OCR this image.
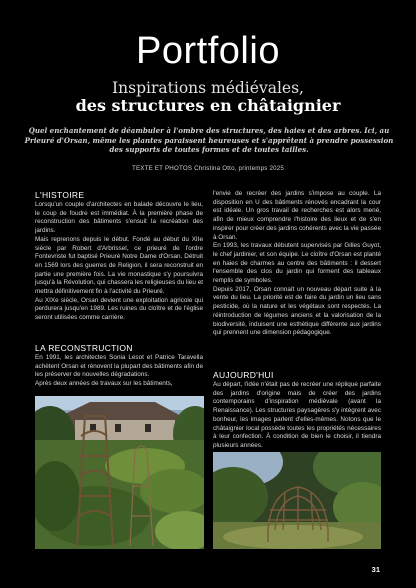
Portfolio
Inspirations médiévales,
des structures en châtaignier
Quel enchantement de déambuler à l'ombre des structures, des haies et des arbres. Ici, au Prieuré d'Orsan, même les plantes paraissent heureuses et s'apprêtent à prendre possession des supports de toutes formes et de toutes tailles.
TEXTE ET PHOTOS Christina Otto, printemps 2025
L'HISTOIRE

Lorsqu'un couple d'architectes en balade découvre le lieu, le coup de foudre est immédiat. À la première phase de reconstruction des bâtiments s'ensuit la recréation des jardins.

Mais reprenons depuis le début. Fondé au début du XIIe siècle par Robert d'Arbrissel, ce prieuré de l'ordre Fontevriste fut baptisé Prieuré Notre Dame d'Orsan. Détruit en 1569 lors des guerres de Religion, il sera reconstruit en partie une première fois. La vie monastique s'y poursuivra jusqu'à la Révolution, qui chassera les religieuses du lieu et mettra définitivement fin à l'activité du Prieuré.

Au XIXe siècle, Orsan devient une exploitation agricole qui perdurera jusqu'en 1989. Les ruines du cloître et de l'église seront utilisées comme carrière.

LA RECONSTRUCTION

En 1991, les architectes Sonia Lesot et Patrice Taravella achètent Orsan et rénovent la plupart des bâtiments afin de les préserver de nouvelles dégradations.

Après deux années de travaux sur les bâtiments,

l'envie de recréer des jardins s'impose au couple. La disposition en U des bâtiments rénovés encadrant la cour est idéale. Un gros travail de recherches est alors mené, afin de mieux comprendre l'histoire des lieux et de s'en inspirer pour créer des jardins cohérents avec la vie passée à Orsan.

En 1993, les travaux débutent supervisés par Gilles Guyot, le chef jardinier, et son équipe. Le cloître d'Orsan est planté en haies de charmes au centre des bâtiments : il dessert l'ensemble des clos du jardin qui forment des tableaux remplis de symboles.

Depuis 2017, Orsan connaît un nouveau départ suite à la vente du lieu. La priorité est de faire du jardin un lieu sans pesticide, où la nature et les végétaux sont respectés. La réintroduction de légumes anciens et la valorisation de la biodiversité, induisent une esthétique différente aux jardins qui prennent une dimension pédagogique.

AUJOURD'HUI

Au départ, l'idée n'était pas de recréer une réplique parfaite des jardins d'origine mais de créer des jardins contemporains d'inspiration médiévale (avant la Renaissance). Les structures paysagères s'y intègrent avec bonheur, les images parlent d'elles-mêmes. Notons que le châtaignier local possède toutes les propriétés nécessaires à leur confection. À condition de bien le choisir, il tiendra plusieurs années.

31
